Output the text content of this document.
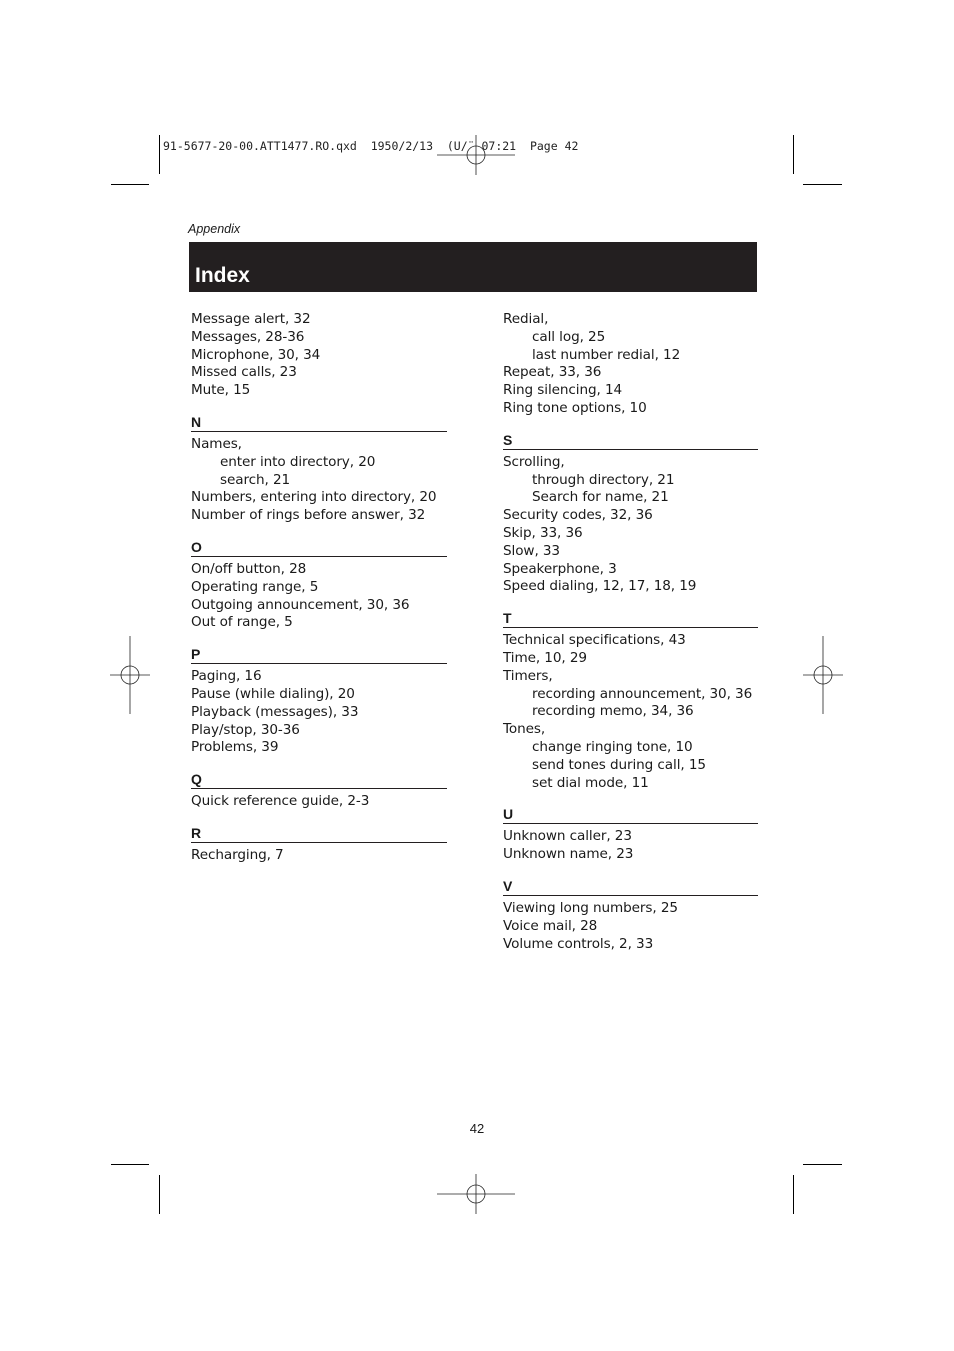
91-5677-20-00.ATT1477.RO.qxd  1950/2/13  (U/¨ 07:21  Page 42
Appendix
Index
Message alert, 32
Messages, 28-36
Microphone, 30, 34
Missed calls, 23
Mute, 15
N
Names,
enter into directory, 20
search, 21
Numbers, entering into directory, 20
Number of rings before answer, 32
O
On/off button, 28
Operating range, 5
Outgoing announcement, 30, 36
Out of range, 5
P
Paging, 16
Pause (while dialing), 20
Playback (messages), 33
Play/stop, 30-36
Problems, 39
Q
Quick reference guide, 2-3
R
Recharging, 7
Redial,
call log, 25
last number redial, 12
Repeat, 33, 36
Ring silencing, 14
Ring tone options, 10
S
Scrolling,
through directory, 21
Search for name, 21
Security codes, 32, 36
Skip, 33, 36
Slow, 33
Speakerphone, 3
Speed dialing, 12, 17, 18, 19
T
Technical specifications, 43
Time, 10, 29
Timers,
recording announcement, 30, 36
recording memo, 34, 36
Tones,
change ringing tone, 10
send tones during call, 15
set dial mode, 11
U
Unknown caller, 23
Unknown name, 23
V
Viewing long numbers, 25
Voice mail, 28
Volume controls, 2, 33
42
